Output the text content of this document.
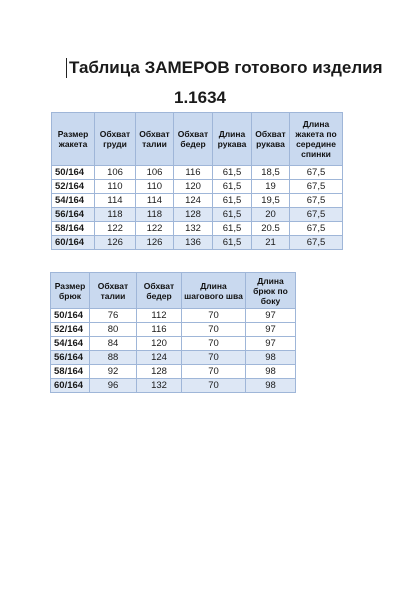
Таблица ЗАМЕРОВ готового изделия
1.1634
Размер жакета	Обхват груди	Обхват талии	Обхват бедер	Длина рукава	Обхват рукава	Длина жакета по середине спинки
50/164	106	106	116	61,5	18,5	67,5
52/164	110	110	120	61,5	19	67,5
54/164	114	114	124	61,5	19,5	67,5
56/164	118	118	128	61,5	20	67,5
58/164	122	122	132	61,5	20.5	67,5
60/164	126	126	136	61,5	21	67,5
Размер брюк	Обхват талии	Обхват бедер	Длина шагового шва	Длина брюк по боку
50/164	76	112	70	97
52/164	80	116	70	97
54/164	84	120	70	97
56/164	88	124	70	98
58/164	92	128	70	98
60/164	96	132	70	98
